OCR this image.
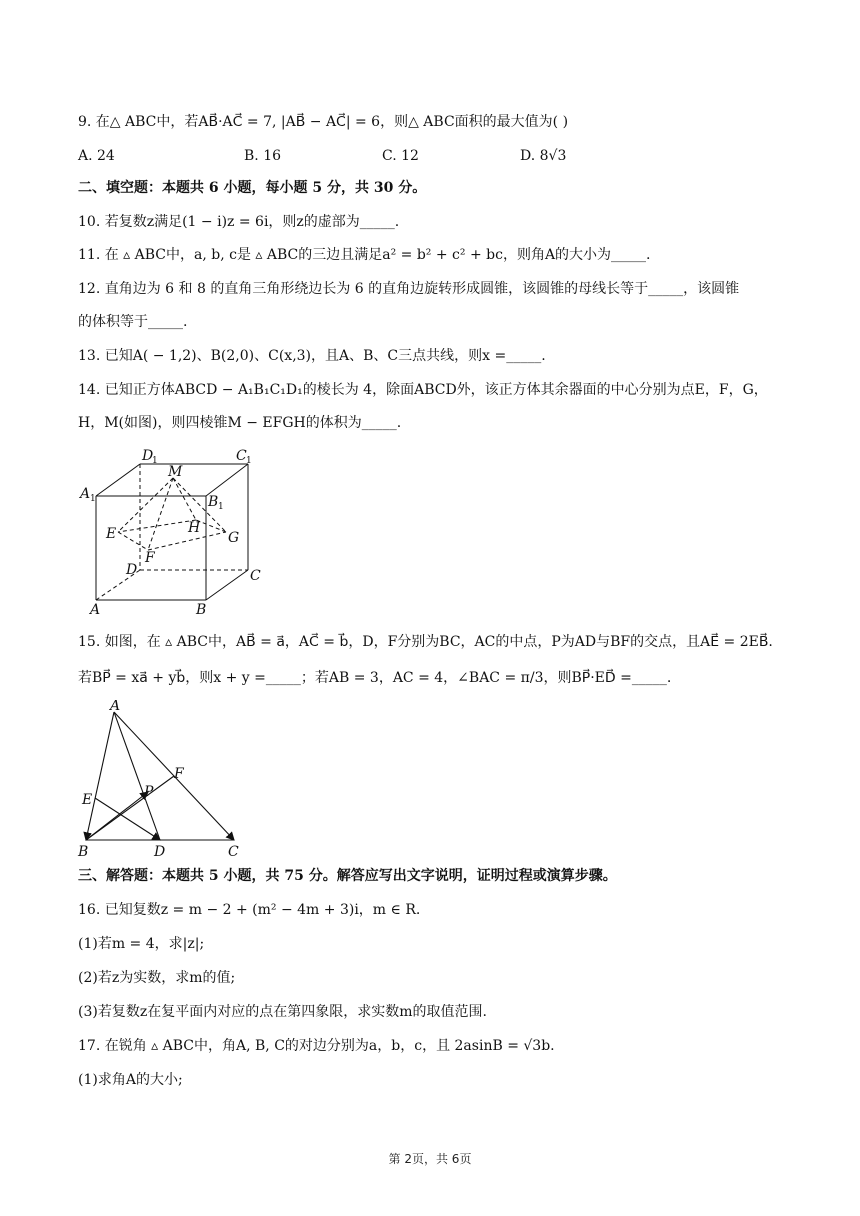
9. 在△ ABC中，若AB⃗·AC⃗ = 7, |AB⃗ − AC⃗| = 6，则△ ABC面积的最大值为( )
A. 24	B. 16	C. 12	D. 8√3
二、填空题：本题共 6 小题，每小题 5 分，共 30 分。
10. 若复数z满足(1 − i)z = 6i，则z的虚部为_____.
11. 在 ▵ ABC中，a, b, c是 ▵ ABC的三边且满足a² = b² + c² + bc，则角A的大小为_____.
12. 直角边为 6 和 8 的直角三角形绕边长为 6 的直角边旋转形成圆锥，该圆锥的母线长等于_____，该圆锥
的体积等于_____.
13. 已知A( − 1,2)、B(2,0)、C(x,3)，且A、B、C三点共线，则x =_____.
14. 已知正方体ABCD − A₁B₁C₁D₁的棱长为 4，除面ABCD外，该正方体其余器面的中心分别为点E，F，G，
H，M(如图)，则四棱锥M − EFGH的体积为_____.
D
1	C 1
A 1	B 1
M
E	H
G
F
D	C
A	B
15. 如图，在 ▵ ABC中，AB⃗ = a⃗，AC⃗ = b⃗，D，F分别为BC，AC的中点，P为AD与BF的交点，且AE⃗ = 2EB⃗.
若BP⃗ = xa⃗ + yb⃗，则x + y =_____；若AB = 3，AC = 4，∠BAC = π/3，则BP⃗·ED⃗ =_____.
A
B	C
D
E
F
P
三、解答题：本题共 5 小题，共 75 分。解答应写出文字说明，证明过程或演算步骤。
16. 已知复数z = m − 2 + (m² − 4m + 3)i，m ∈ R.
(1)若m = 4，求|z|;
(2)若z为实数，求m的值;
(3)若复数z在复平面内对应的点在第四象限，求实数m的取值范围.
17. 在锐角 ▵ ABC中，角A, B, C的对边分别为a，b，c，且 2asinB = √3b.
(1)求角A的大小;
第 2页，共 6页
